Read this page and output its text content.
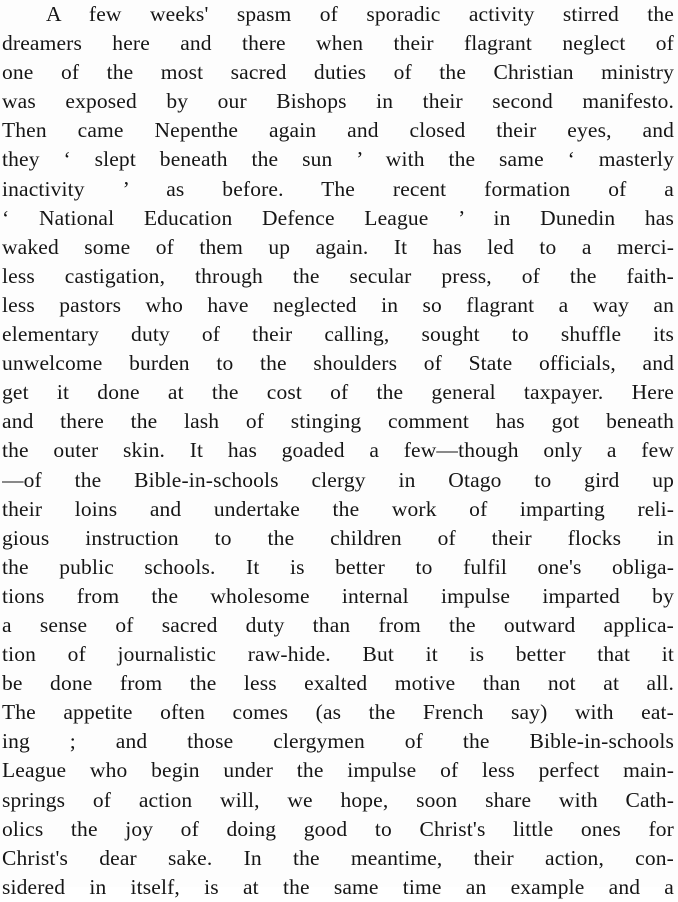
A few weeks' spasm of sporadic activity stirred the
dreamers here and there when their flagrant neglect of
one of the most sacred duties of the Christian ministry
was exposed by our Bishops in their second manifesto.
Then came Nepenthe again and closed their eyes, and
they ‘ slept beneath the sun ’ with the same ‘ masterly
inactivity ’ as before. The recent formation of a
‘ National Education Defence League ’ in Dunedin has
waked some of them up again. It has led to a merci-
less castigation, through the secular press, of the faith-
less pastors who have neglected in so flagrant a way an
elementary duty of their calling, sought to shuffle its
unwelcome burden to the shoulders of State officials, and
get it done at the cost of the general taxpayer. Here
and there the lash of stinging comment has got beneath
the outer skin. It has goaded a few—though only a few
—of the Bible-in-schools clergy in Otago to gird up
their loins and undertake the work of imparting reli-
gious instruction to the children of their flocks in
the public schools. It is better to fulfil one's obliga-
tions from the wholesome internal impulse imparted by
a sense of sacred duty than from the outward applica-
tion of journalistic raw-hide. But it is better that it
be done from the less exalted motive than not at all.
The appetite often comes (as the French say) with eat-
ing ; and those clergymen of the Bible-in-schools
League who begin under the impulse of less perfect main-
springs of action will, we hope, soon share with Cath-
olics the joy of doing good to Christ's little ones for
Christ's dear sake. In the meantime, their action, con-
sidered in itself, is at the same time an example and a
